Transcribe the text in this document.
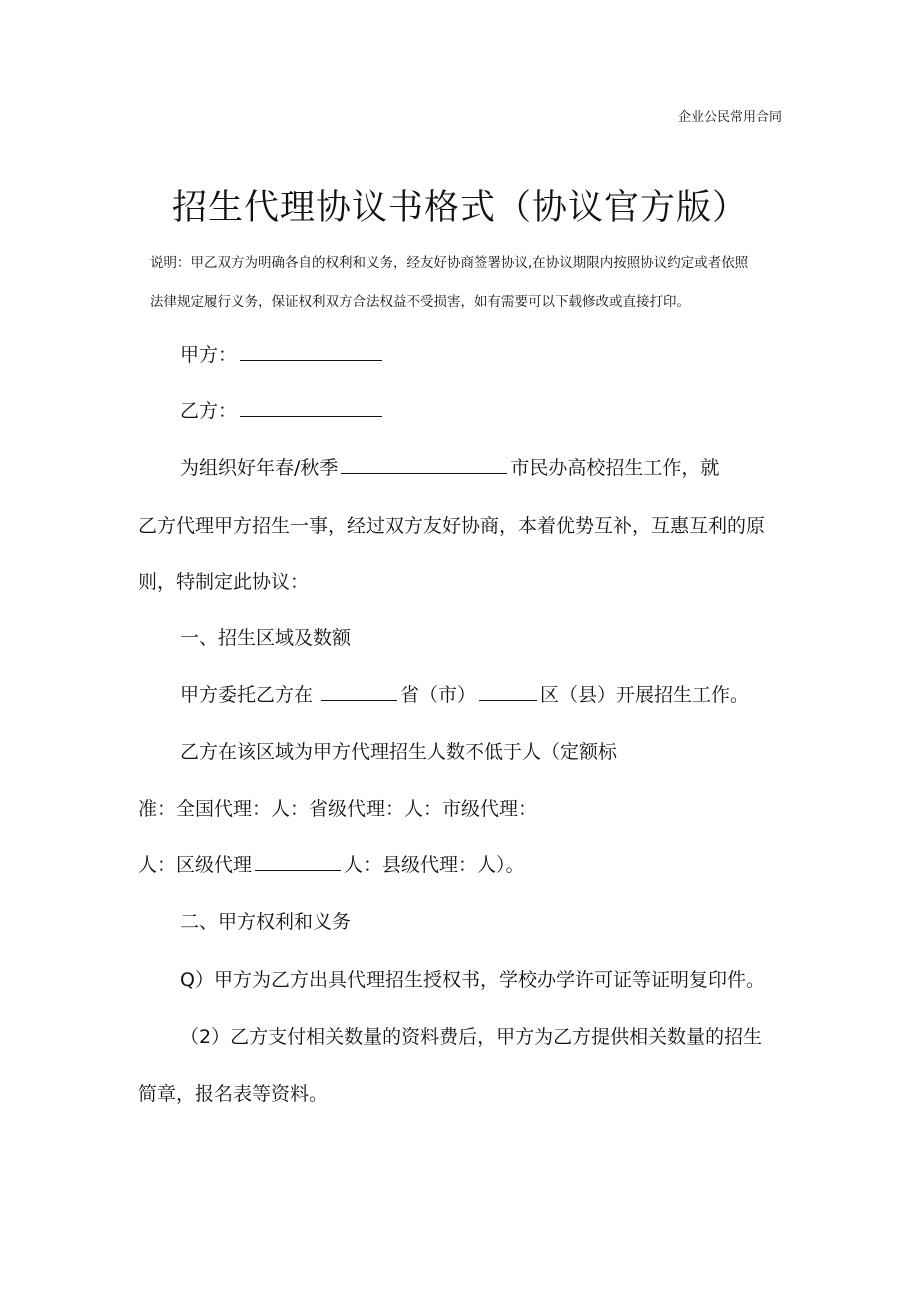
企业公民常用合同
招生代理协议书格式（协议官方版）
说明：甲乙双方为明确各自的权利和义务，经友好协商签署协议,在协议期限内按照协议约定或者依照
法律规定履行义务，保证权利双方合法权益不受损害，如有需要可以下载修改或直接打印。
甲方：
乙方：
为组织好年春/秋季	市民办高校招生工作，就
乙方代理甲方招生一事，经过双方友好协商，本着优势互补，互惠互利的原
则，特制定此协议：
一、招生区域及数额
甲方委托乙方在	省（市）	区（县）开展招生工作。
乙方在该区域为甲方代理招生人数不低于人（定额标
准：全国代理：人：省级代理：人：市级代理：
人：区级代理	人：县级代理：人）。
二、甲方权利和义务
Q）甲方为乙方出具代理招生授权书，学校办学许可证等证明复印件。
（2）乙方支付相关数量的资料费后，甲方为乙方提供相关数量的招生
简章，报名表等资料。
